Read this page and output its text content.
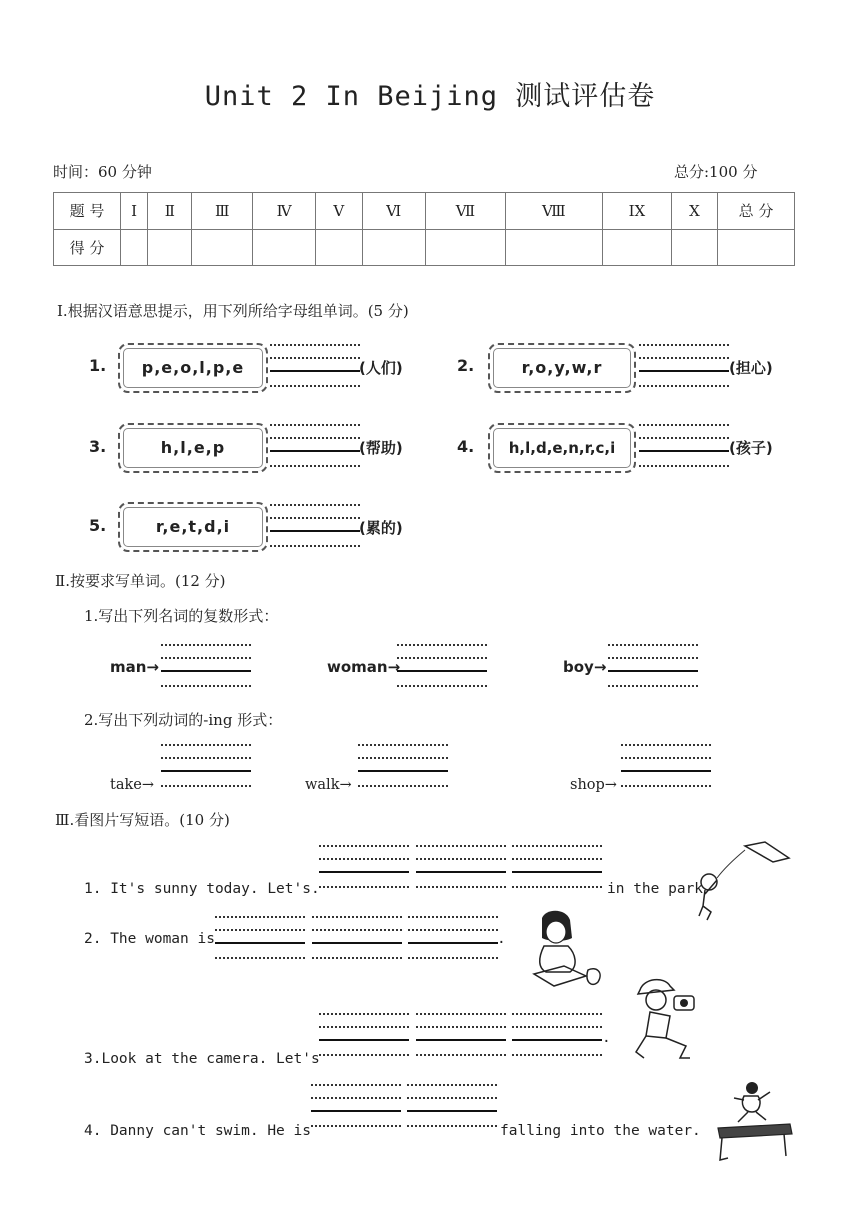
Unit 2 In Beijing 测试评估卷
时间：60 分钟	总分:100 分
题 号	Ⅰ	Ⅱ	Ⅲ	Ⅳ	Ⅴ	Ⅵ	Ⅶ	Ⅷ	ⅠX	X	总 分
得 分											
Ⅰ.根据汉语意思提示，用下列所给字母组单词。(5 分)
1.	p,e,o,l,p,e	(人们)	2.	r,o,y,w,r	(担心)
3.	h,l,e,p	(帮助)	4.	h,l,d,e,n,r,c,i	(孩子)
5.	r,e,t,d,i	(累的)
Ⅱ.按要求写单词。(12 分)
1.写出下列名词的复数形式：
man→	woman→	boy→
2.写出下列动词的-ing 形式：
take→	walk→	shop→
Ⅲ.看图片写短语。(10 分)
1. It's sunny today. Let's.	in the park
2. The woman is	.
3.Look at the camera. Let's
.
4. Danny can't swim. He is	falling into the water.
